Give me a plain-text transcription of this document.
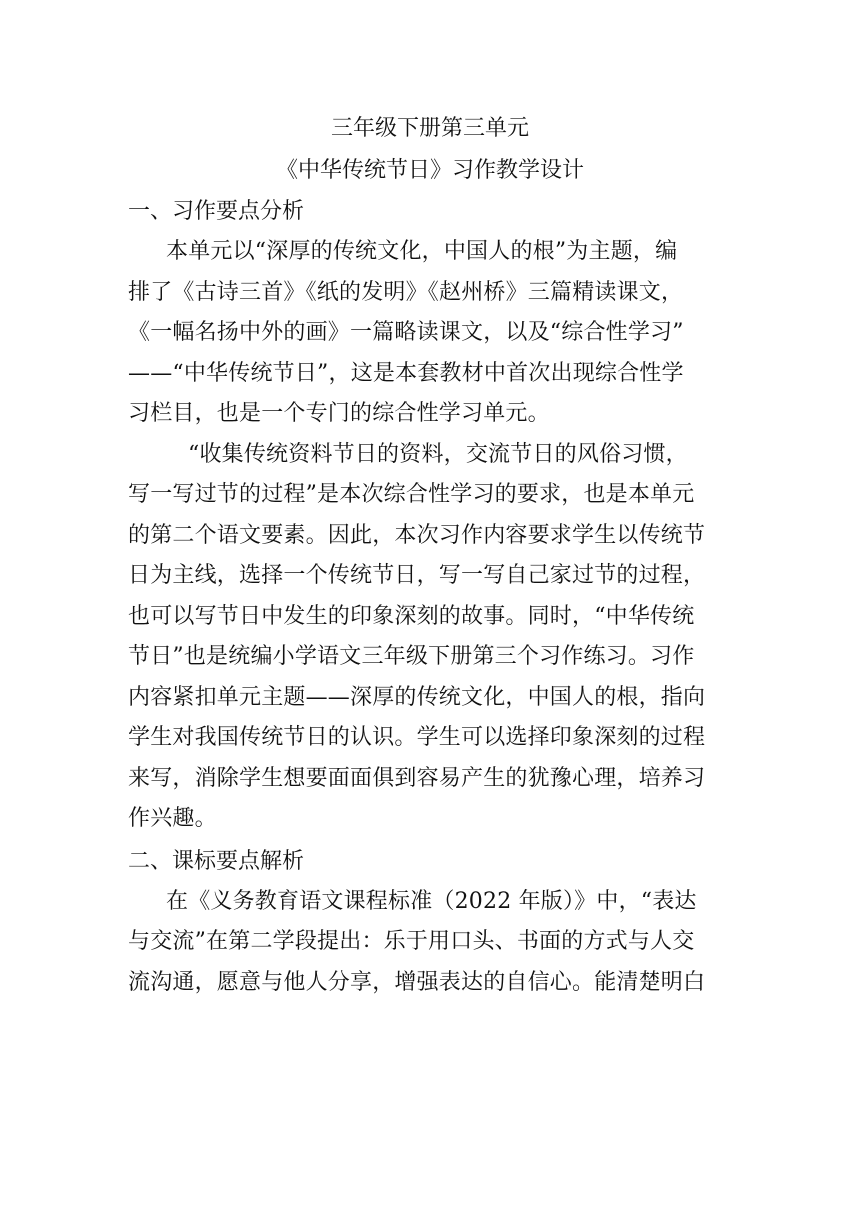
三年级下册第三单元
《中华传统节日》习作教学设计
一、习作要点分析

本单元以“深厚的传统文化，中国人的根”为主题，编
排了《古诗三首》《纸的发明》《赵州桥》三篇精读课文，
《一幅名扬中外的画》一篇略读课文，以及“综合性学习”
——“中华传统节日”，这是本套教材中首次出现综合性学
习栏目，也是一个专门的综合性学习单元。

“收集传统资料节日的资料，交流节日的风俗习惯，
写一写过节的过程”是本次综合性学习的要求，也是本单元
的第二个语文要素。因此，本次习作内容要求学生以传统节
日为主线，选择一个传统节日，写一写自己家过节的过程，
也可以写节日中发生的印象深刻的故事。同时，“中华传统
节日”也是统编小学语文三年级下册第三个习作练习。习作
内容紧扣单元主题——深厚的传统文化，中国人的根，指向
学生对我国传统节日的认识。学生可以选择印象深刻的过程
来写，消除学生想要面面俱到容易产生的犹豫心理，培养习
作兴趣。

二、课标要点解析

在《义务教育语文课程标准（2022 年版）》中，“表达
与交流”在第二学段提出：乐于用口头、书面的方式与人交
流沟通，愿意与他人分享，增强表达的自信心。能清楚明白
